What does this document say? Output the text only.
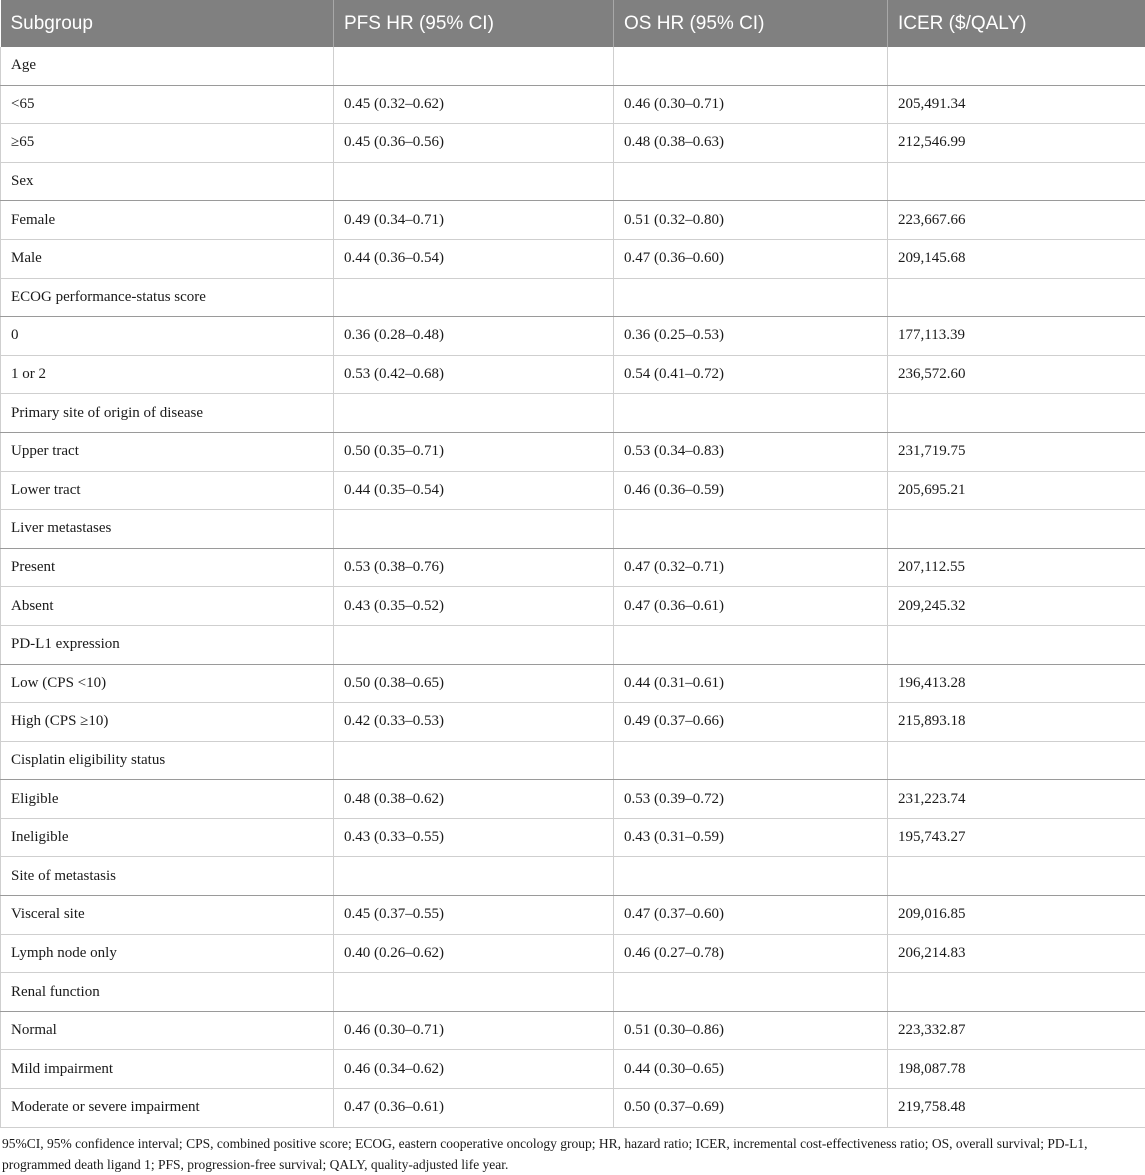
Subgroup	PFS HR (95% CI)	OS HR (95% CI)	ICER ($/QALY)
Age			
<65	0.45 (0.32–0.62)	0.46 (0.30–0.71)	205,491.34
≥65	0.45 (0.36–0.56)	0.48 (0.38–0.63)	212,546.99
Sex			
Female	0.49 (0.34–0.71)	0.51 (0.32–0.80)	223,667.66
Male	0.44 (0.36–0.54)	0.47 (0.36–0.60)	209,145.68
ECOG performance-status score			
0	0.36 (0.28–0.48)	0.36 (0.25–0.53)	177,113.39
1 or 2	0.53 (0.42–0.68)	0.54 (0.41–0.72)	236,572.60
Primary site of origin of disease			
Upper tract	0.50 (0.35–0.71)	0.53 (0.34–0.83)	231,719.75
Lower tract	0.44 (0.35–0.54)	0.46 (0.36–0.59)	205,695.21
Liver metastases			
Present	0.53 (0.38–0.76)	0.47 (0.32–0.71)	207,112.55
Absent	0.43 (0.35–0.52)	0.47 (0.36–0.61)	209,245.32
PD-L1 expression			
Low (CPS <10)	0.50 (0.38–0.65)	0.44 (0.31–0.61)	196,413.28
High (CPS ≥10)	0.42 (0.33–0.53)	0.49 (0.37–0.66)	215,893.18
Cisplatin eligibility status			
Eligible	0.48 (0.38–0.62)	0.53 (0.39–0.72)	231,223.74
Ineligible	0.43 (0.33–0.55)	0.43 (0.31–0.59)	195,743.27
Site of metastasis			
Visceral site	0.45 (0.37–0.55)	0.47 (0.37–0.60)	209,016.85
Lymph node only	0.40 (0.26–0.62)	0.46 (0.27–0.78)	206,214.83
Renal function			
Normal	0.46 (0.30–0.71)	0.51 (0.30–0.86)	223,332.87
Mild impairment	0.46 (0.34–0.62)	0.44 (0.30–0.65)	198,087.78
Moderate or severe impairment	0.47 (0.36–0.61)	0.50 (0.37–0.69)	219,758.48
95%CI, 95% confidence interval; CPS, combined positive score; ECOG, eastern cooperative oncology group; HR, hazard ratio; ICER, incremental cost-effectiveness ratio; OS, overall survival; PD-L1, programmed death ligand 1; PFS, progression-free survival; QALY, quality-adjusted life year.
